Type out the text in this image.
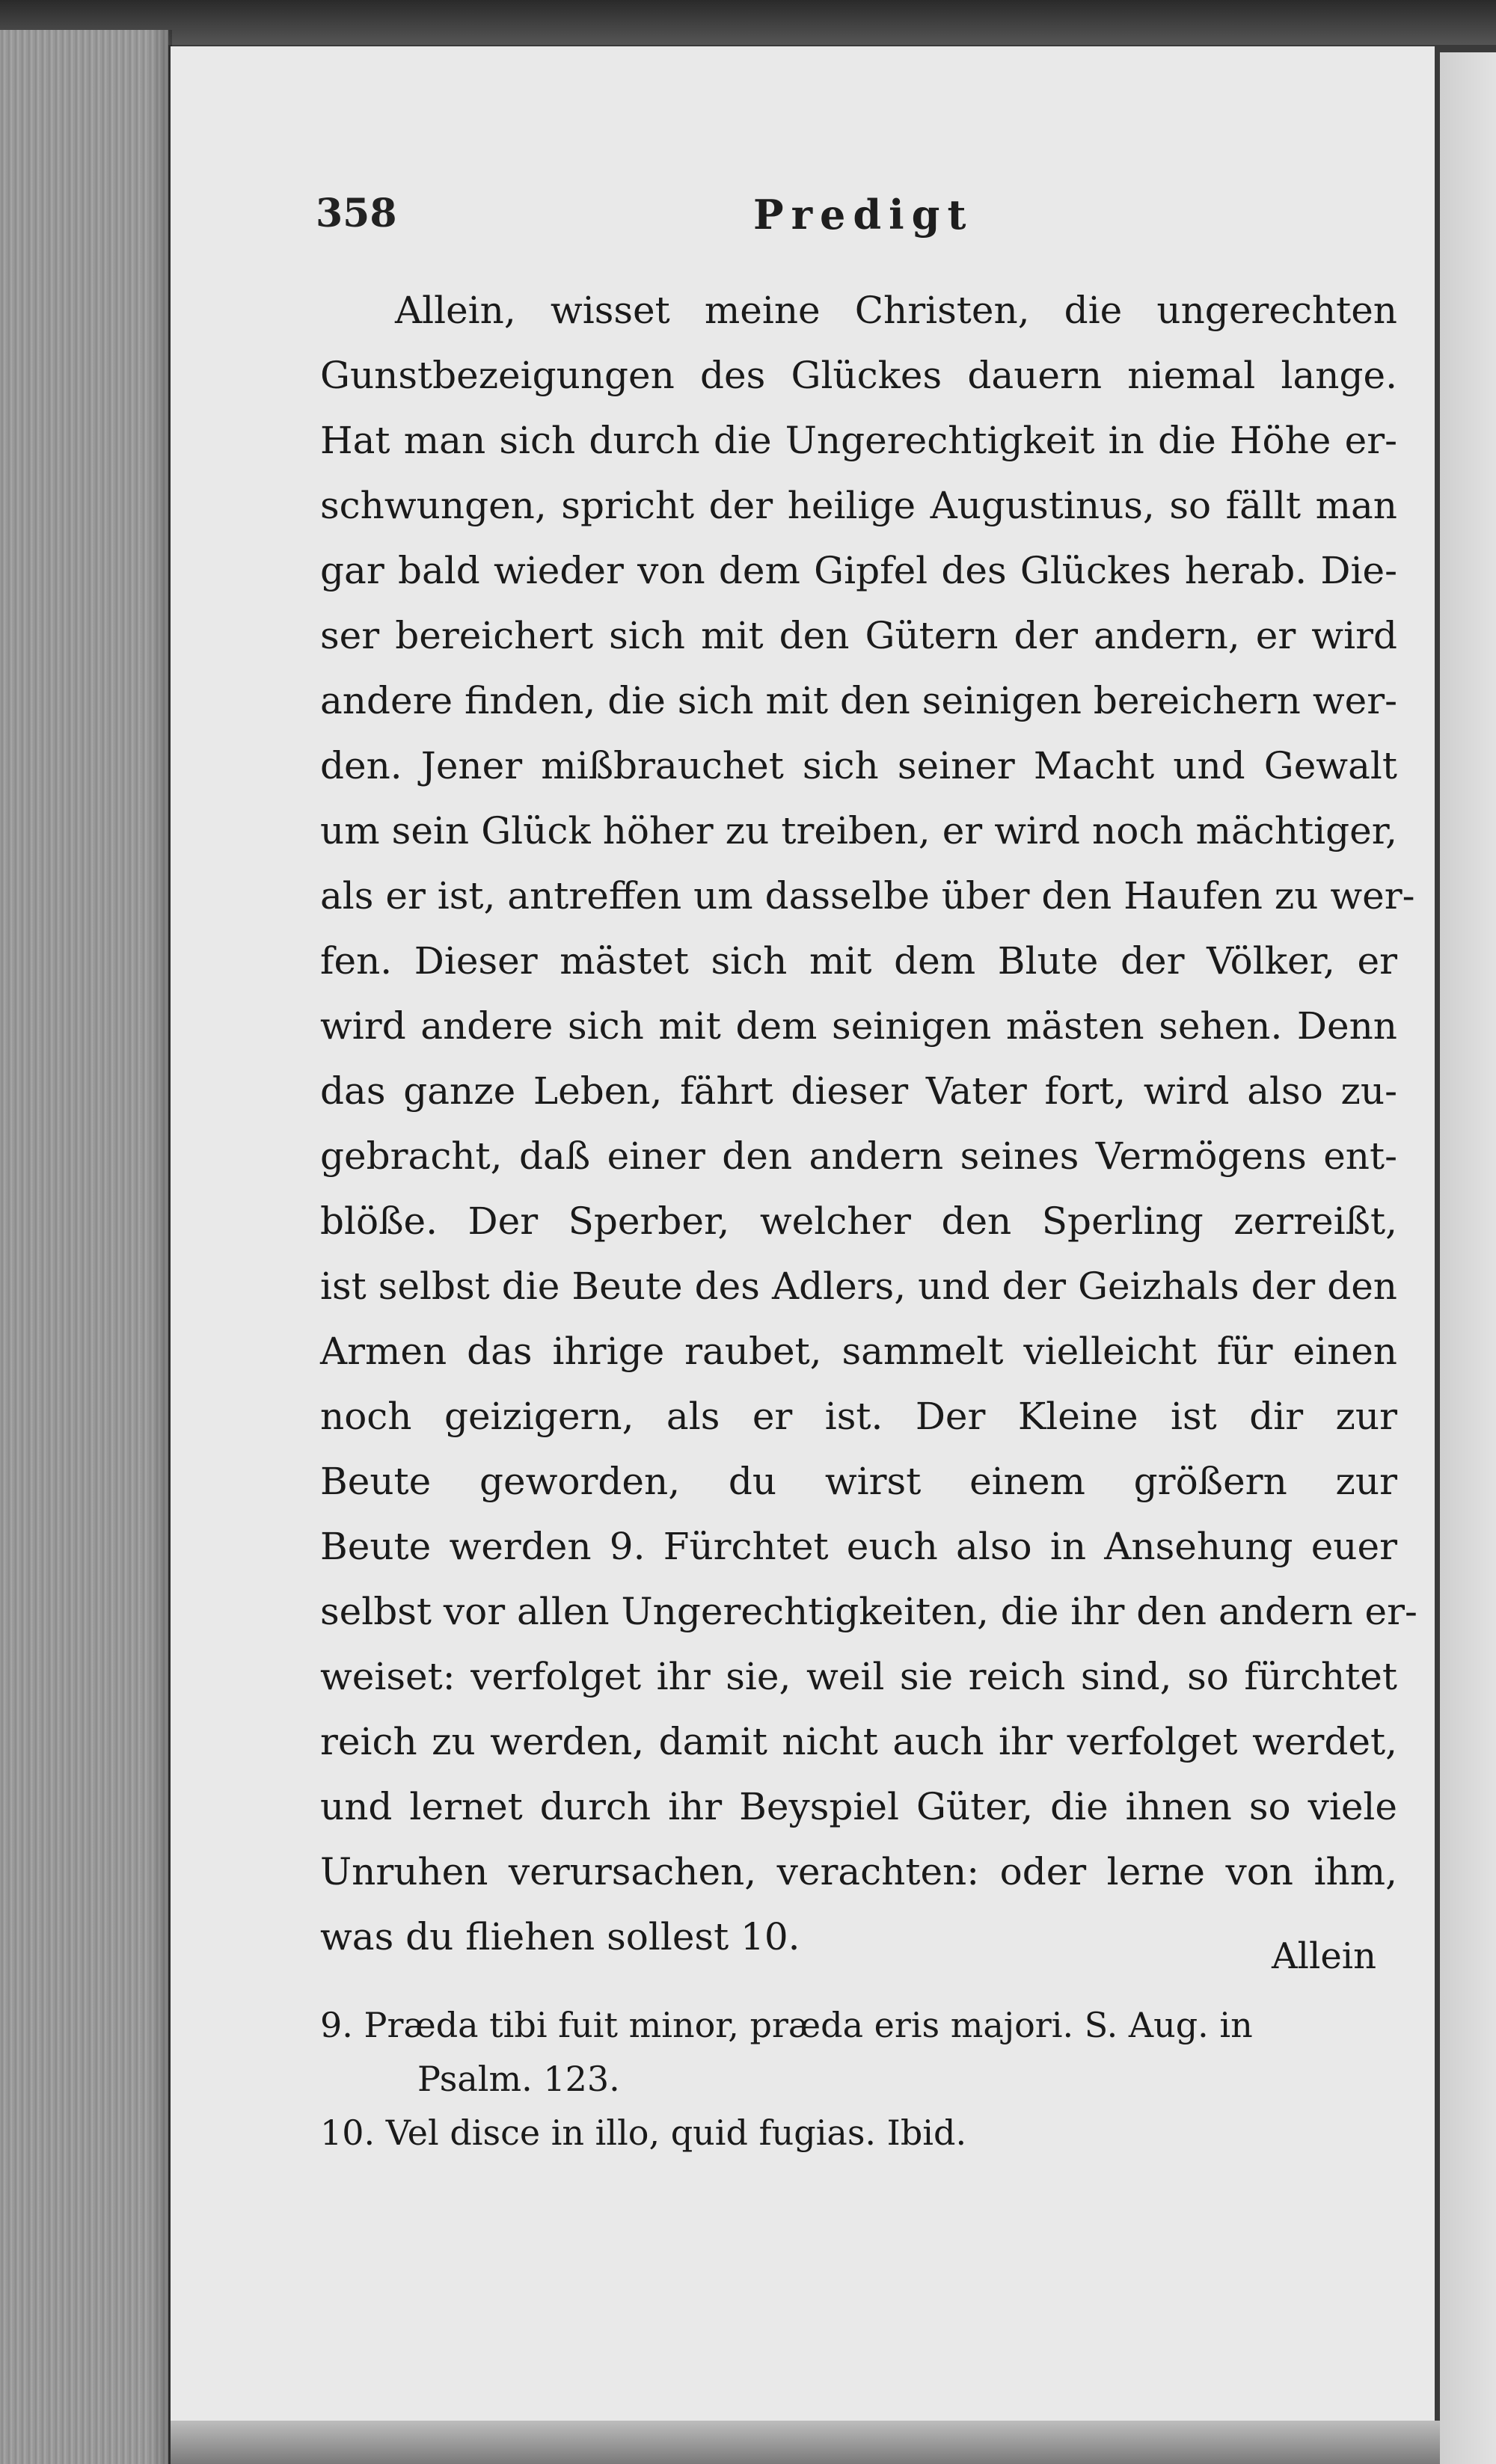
358	Predigt
Allein, wisset meine Christen, die ungerechten
Gunstbezeigungen des Glückes dauern niemal lange.
Hat man sich durch die Ungerechtigkeit in die Höhe er-
schwungen, spricht der heilige Augustinus, so fällt man
gar bald wieder von dem Gipfel des Glückes herab. Die-
ser bereichert sich mit den Gütern der andern, er wird
andere finden, die sich mit den seinigen bereichern wer-
den. Jener mißbrauchet sich seiner Macht und Gewalt
um sein Glück höher zu treiben, er wird noch mächtiger,
als er ist, antreffen um dasselbe über den Haufen zu wer-
fen. Dieser mästet sich mit dem Blute der Völker, er
wird andere sich mit dem seinigen mästen sehen. Denn
das ganze Leben, fährt dieser Vater fort, wird also zu-
gebracht, daß einer den andern seines Vermögens ent-
blöße. Der Sperber, welcher den Sperling zerreißt,
ist selbst die Beute des Adlers, und der Geizhals der den
Armen das ihrige raubet, sammelt vielleicht für einen
noch geizigern, als er ist. Der Kleine ist dir zur
Beute geworden, du wirst einem größern zur
Beute werden 9. Fürchtet euch also in Ansehung euer
selbst vor allen Ungerechtigkeiten, die ihr den andern er-
weiset: verfolget ihr sie, weil sie reich sind, so fürchtet
reich zu werden, damit nicht auch ihr verfolget werdet,
und lernet durch ihr Beyspiel Güter, die ihnen so viele
Unruhen verursachen, verachten: oder lerne von ihm,
was du fliehen sollest 10.	Allein
9. Præda tibi fuit minor, præda eris majori. S. Aug. in
Psalm. 123.
10. Vel disce in illo, quid fugias. Ibid.
